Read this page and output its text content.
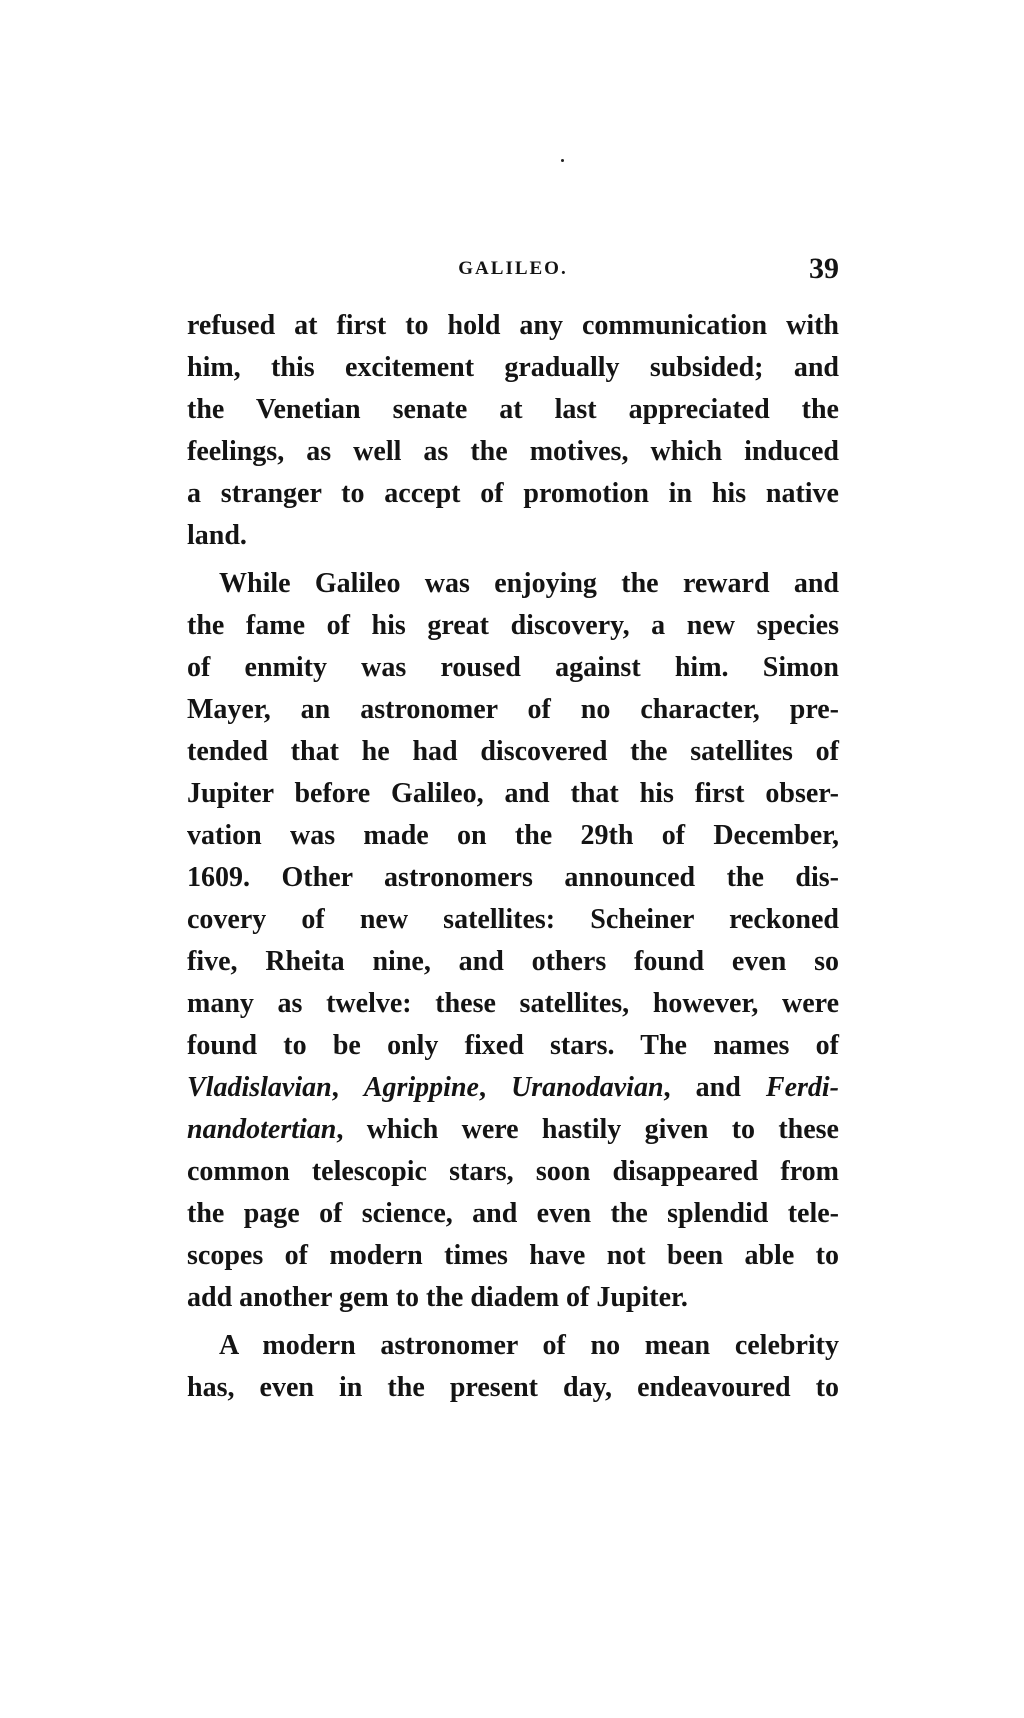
GALILEO.	39
refused at first to hold any communication with
him, this excitement gradually subsided; and
the Venetian senate at last appreciated the
feelings, as well as the motives, which induced
a stranger to accept of promotion in his native
land.
While Galileo was enjoying the reward and
the fame of his great discovery, a new species
of enmity was roused against him. Simon
Mayer, an astronomer of no character, pre-
tended that he had discovered the satellites of
Jupiter before Galileo, and that his first obser-
vation was made on the 29th of December,
1609. Other astronomers announced the dis-
covery of new satellites: Scheiner reckoned
five, Rheita nine, and others found even so
many as twelve: these satellites, however, were
found to be only fixed stars. The names of
Vladislavian, Agrippine, Uranodavian, and Ferdi-
nandotertian, which were hastily given to these
common telescopic stars, soon disappeared from
the page of science, and even the splendid tele-
scopes of modern times have not been able to
add another gem to the diadem of Jupiter.
A modern astronomer of no mean celebrity
has, even in the present day, endeavoured to
